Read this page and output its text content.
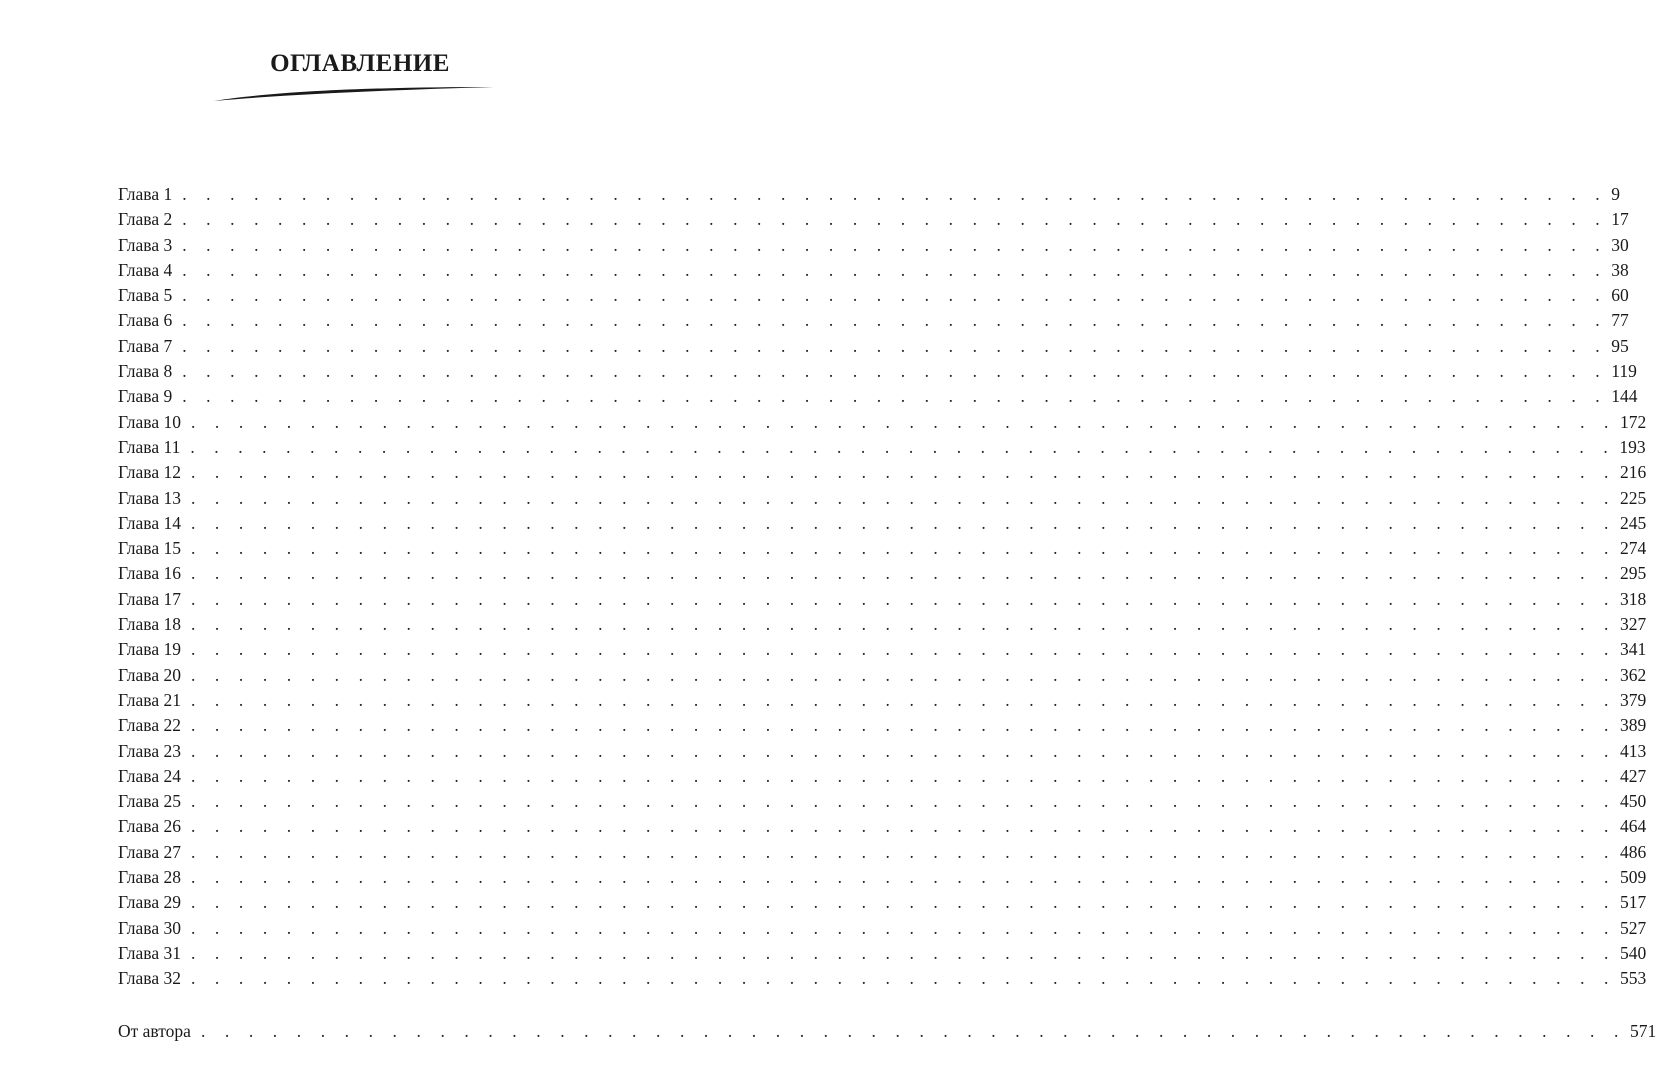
ОГЛАВЛЕНИЕ
Глава 1 . . . . . . . . . . . . . . . . . . . . . . . . . . . . . . . . . . . . . . . . . . . . . . . . . . . . . . . . . . . . 9
Глава 2 . . . . . . . . . . . . . . . . . . . . . . . . . . . . . . . . . . . . . . . . . . . . . . . . . . . . . . . . . . . . 17
Глава 3 . . . . . . . . . . . . . . . . . . . . . . . . . . . . . . . . . . . . . . . . . . . . . . . . . . . . . . . . . . . . 30
Глава 4 . . . . . . . . . . . . . . . . . . . . . . . . . . . . . . . . . . . . . . . . . . . . . . . . . . . . . . . . . . . . 38
Глава 5 . . . . . . . . . . . . . . . . . . . . . . . . . . . . . . . . . . . . . . . . . . . . . . . . . . . . . . . . . . . . 60
Глава 6 . . . . . . . . . . . . . . . . . . . . . . . . . . . . . . . . . . . . . . . . . . . . . . . . . . . . . . . . . . . . 77
Глава 7 . . . . . . . . . . . . . . . . . . . . . . . . . . . . . . . . . . . . . . . . . . . . . . . . . . . . . . . . . . . . 95
Глава 8 . . . . . . . . . . . . . . . . . . . . . . . . . . . . . . . . . . . . . . . . . . . . . . . . . . . . . . . . . . . . 119
Глава 9 . . . . . . . . . . . . . . . . . . . . . . . . . . . . . . . . . . . . . . . . . . . . . . . . . . . . . . . . . . . . 144
Глава 10 . . . . . . . . . . . . . . . . . . . . . . . . . . . . . . . . . . . . . . . . . . . . . . . . . . . . . . . . . . . . 172
Глава 11 . . . . . . . . . . . . . . . . . . . . . . . . . . . . . . . . . . . . . . . . . . . . . . . . . . . . . . . . . . . . 193
Глава 12 . . . . . . . . . . . . . . . . . . . . . . . . . . . . . . . . . . . . . . . . . . . . . . . . . . . . . . . . . . . . 216
Глава 13 . . . . . . . . . . . . . . . . . . . . . . . . . . . . . . . . . . . . . . . . . . . . . . . . . . . . . . . . . . . . 225
Глава 14 . . . . . . . . . . . . . . . . . . . . . . . . . . . . . . . . . . . . . . . . . . . . . . . . . . . . . . . . . . . . 245
Глава 15 . . . . . . . . . . . . . . . . . . . . . . . . . . . . . . . . . . . . . . . . . . . . . . . . . . . . . . . . . . . . 274
Глава 16 . . . . . . . . . . . . . . . . . . . . . . . . . . . . . . . . . . . . . . . . . . . . . . . . . . . . . . . . . . . . 295
Глава 17 . . . . . . . . . . . . . . . . . . . . . . . . . . . . . . . . . . . . . . . . . . . . . . . . . . . . . . . . . . . . 318
Глава 18 . . . . . . . . . . . . . . . . . . . . . . . . . . . . . . . . . . . . . . . . . . . . . . . . . . . . . . . . . . . . 327
Глава 19 . . . . . . . . . . . . . . . . . . . . . . . . . . . . . . . . . . . . . . . . . . . . . . . . . . . . . . . . . . . . 341
Глава 20 . . . . . . . . . . . . . . . . . . . . . . . . . . . . . . . . . . . . . . . . . . . . . . . . . . . . . . . . . . . . 362
Глава 21 . . . . . . . . . . . . . . . . . . . . . . . . . . . . . . . . . . . . . . . . . . . . . . . . . . . . . . . . . . . . 379
Глава 22 . . . . . . . . . . . . . . . . . . . . . . . . . . . . . . . . . . . . . . . . . . . . . . . . . . . . . . . . . . . . 389
Глава 23 . . . . . . . . . . . . . . . . . . . . . . . . . . . . . . . . . . . . . . . . . . . . . . . . . . . . . . . . . . . . 413
Глава 24 . . . . . . . . . . . . . . . . . . . . . . . . . . . . . . . . . . . . . . . . . . . . . . . . . . . . . . . . . . . . 427
Глава 25 . . . . . . . . . . . . . . . . . . . . . . . . . . . . . . . . . . . . . . . . . . . . . . . . . . . . . . . . . . . . 450
Глава 26 . . . . . . . . . . . . . . . . . . . . . . . . . . . . . . . . . . . . . . . . . . . . . . . . . . . . . . . . . . . . 464
Глава 27 . . . . . . . . . . . . . . . . . . . . . . . . . . . . . . . . . . . . . . . . . . . . . . . . . . . . . . . . . . . . 486
Глава 28 . . . . . . . . . . . . . . . . . . . . . . . . . . . . . . . . . . . . . . . . . . . . . . . . . . . . . . . . . . . . 509
Глава 29 . . . . . . . . . . . . . . . . . . . . . . . . . . . . . . . . . . . . . . . . . . . . . . . . . . . . . . . . . . . . 517
Глава 30 . . . . . . . . . . . . . . . . . . . . . . . . . . . . . . . . . . . . . . . . . . . . . . . . . . . . . . . . . . . . 527
Глава 31 . . . . . . . . . . . . . . . . . . . . . . . . . . . . . . . . . . . . . . . . . . . . . . . . . . . . . . . . . . . . 540
Глава 32 . . . . . . . . . . . . . . . . . . . . . . . . . . . . . . . . . . . . . . . . . . . . . . . . . . . . . . . . . . . . 553
От автора . . . . . . . . . . . . . . . . . . . . . . . . . . . . . . . . . . . . . . . . . . . . . . . . . . . . . . . . . . . . 571
